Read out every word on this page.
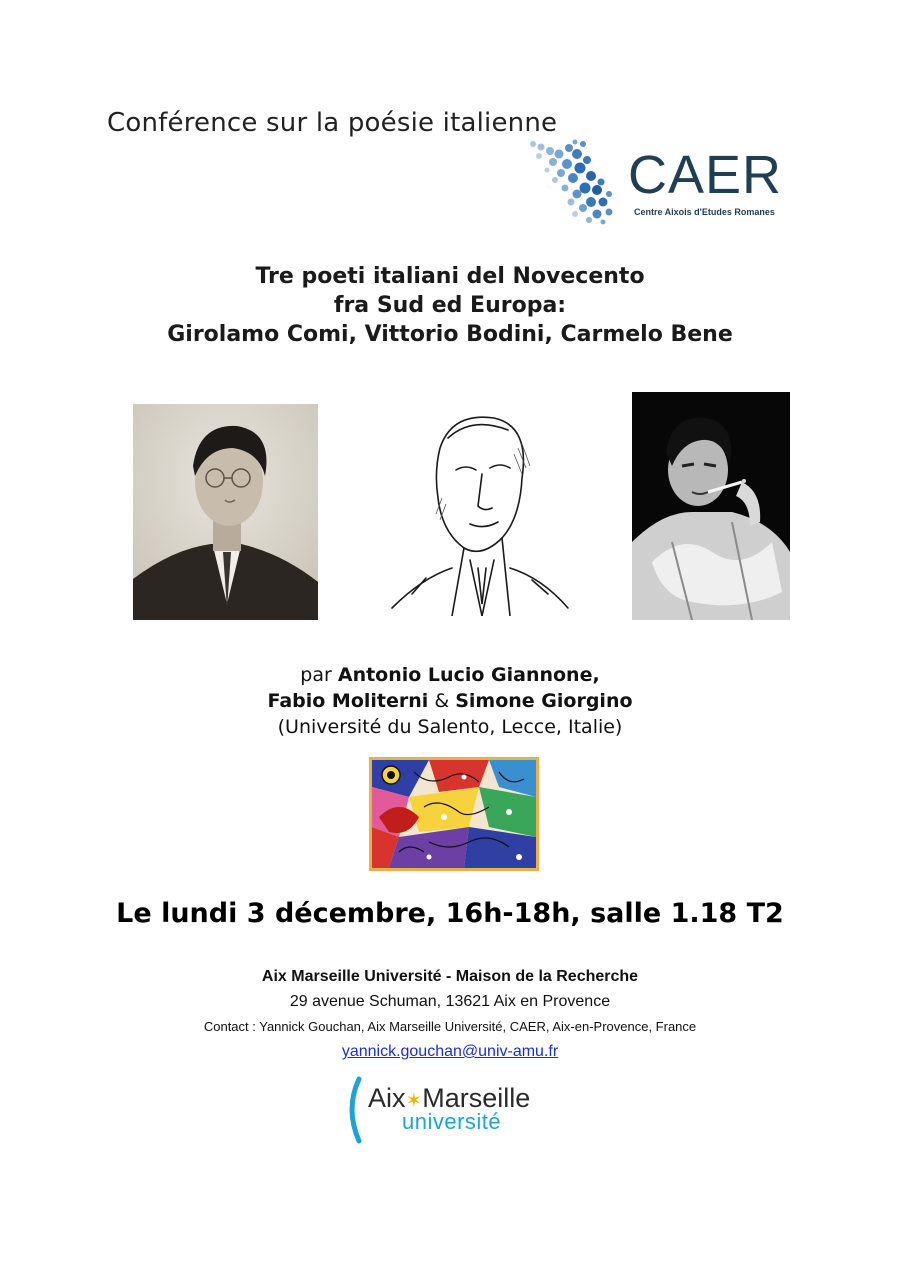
Conférence sur la poésie italienne
CAER
Centre Aixois d'Etudes Romanes
Tre poeti italiani del Novecento
fra Sud ed Europa:
Girolamo Comi, Vittorio Bodini, Carmelo Bene
par Antonio Lucio Giannone,
Fabio Moliterni & Simone Giorgino
(Université du Salento, Lecce, Italie)
Le lundi 3 décembre, 16h-18h, salle 1.18 T2
Aix Marseille Université - Maison de la Recherche
29 avenue Schuman, 13621 Aix en Provence
Contact : Yannick Gouchan, Aix Marseille Université, CAER, Aix-en-Provence, France
yannick.gouchan@univ-amu.fr
Aix✶Marseille
université
